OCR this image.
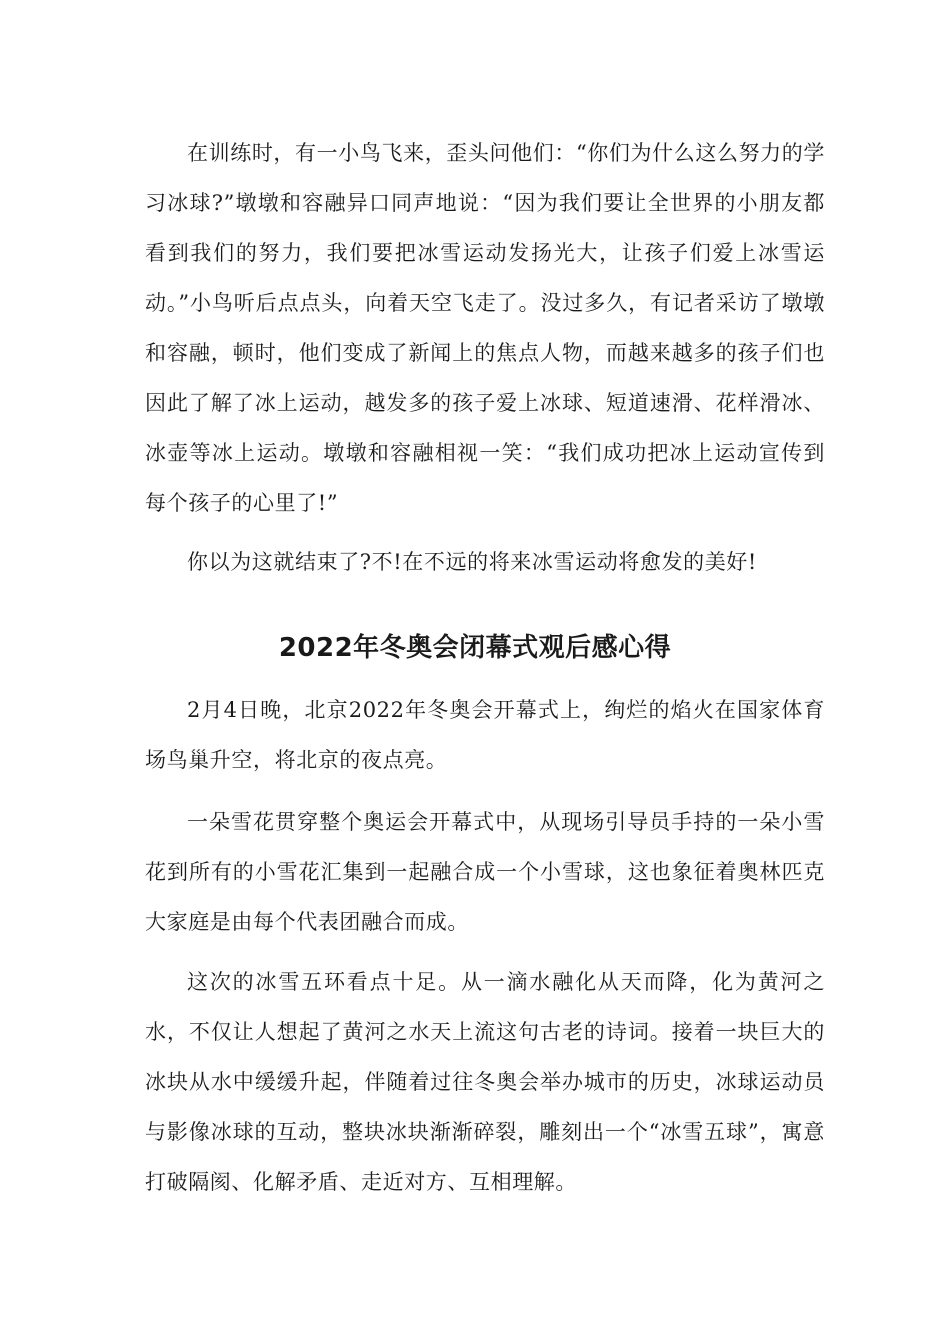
在训练时，有一小鸟飞来，歪头问他们：“你们为什么这么努力的学习冰球?”墩墩和容融异口同声地说：“因为我们要让全世界的小朋友都看到我们的努力，我们要把冰雪运动发扬光大，让孩子们爱上冰雪运动。”小鸟听后点点头，向着天空飞走了。没过多久，有记者采访了墩墩和容融，顿时，他们变成了新闻上的焦点人物，而越来越多的孩子们也因此了解了冰上运动，越发多的孩子爱上冰球、短道速滑、花样滑冰、冰壶等冰上运动。墩墩和容融相视一笑：“我们成功把冰上运动宣传到每个孩子的心里了!”

你以为这就结束了?不!在不远的将来冰雪运动将愈发的美好!

2022年冬奥会闭幕式观后感心得

2月4日晚，北京2022年冬奥会开幕式上，绚烂的焰火在国家体育场鸟巢升空，将北京的夜点亮。

一朵雪花贯穿整个奥运会开幕式中，从现场引导员手持的一朵小雪花到所有的小雪花汇集到一起融合成一个小雪球，这也象征着奥林匹克大家庭是由每个代表团融合而成。

这次的冰雪五环看点十足。从一滴水融化从天而降，化为黄河之水，不仅让人想起了黄河之水天上流这句古老的诗词。接着一块巨大的冰块从水中缓缓升起，伴随着过往冬奥会举办城市的历史，冰球运动员与影像冰球的互动，整块冰块渐渐碎裂，雕刻出一个“冰雪五球”，寓意打破隔阂、化解矛盾、走近对方、互相理解。
